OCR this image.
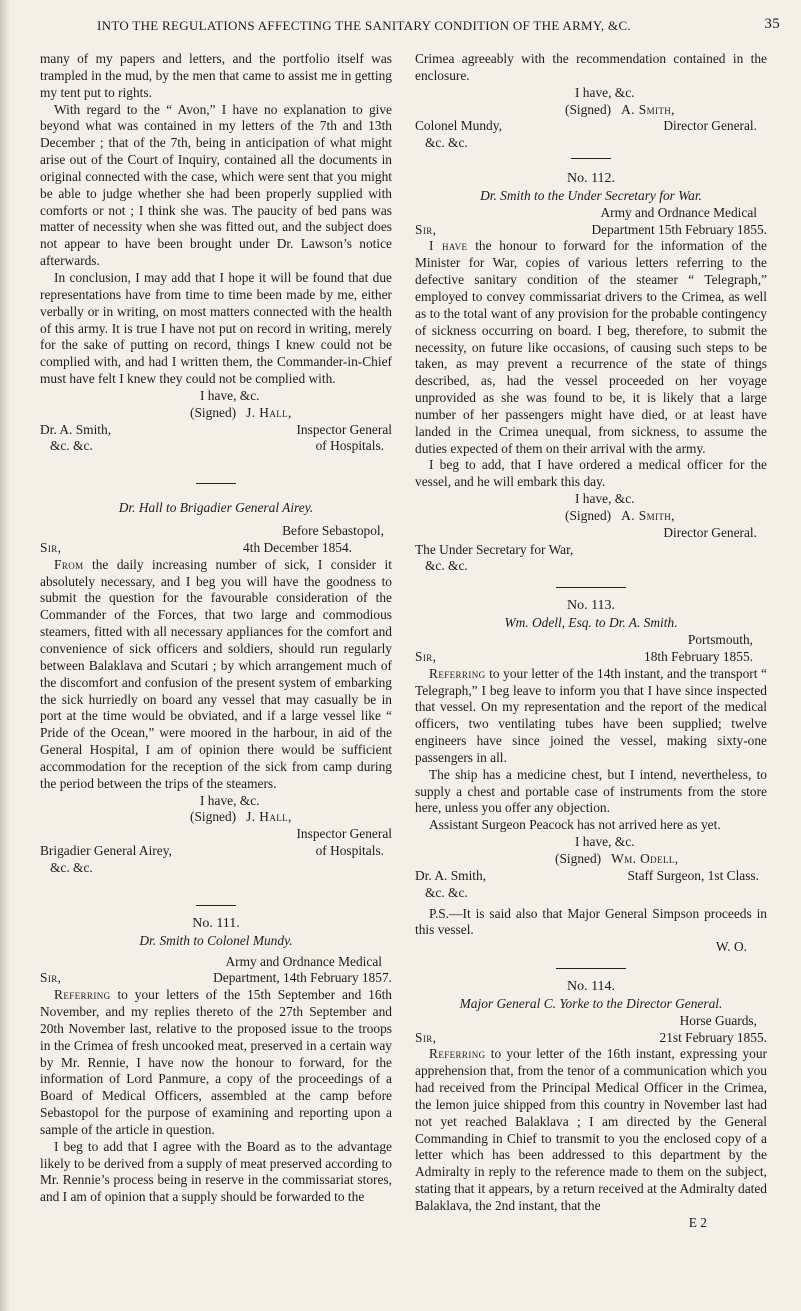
INTO THE REGULATIONS AFFECTING THE SANITARY CONDITION OF THE ARMY, &C.	35

many of my papers and letters, and the portfolio itself was trampled in the mud, by the men that came to assist me in getting my tent put to rights.

With regard to the “ Avon,” I have no explanation to give beyond what was contained in my letters of the 7th and 13th December ; that of the 7th, being in anticipation of what might arise out of the Court of Inquiry, contained all the documents in original connected with the case, which were sent that you might be able to judge whether she had been properly supplied with comforts or not ; I think she was. The paucity of bed pans was matter of necessity when she was fitted out, and the subject does not appear to have been brought under Dr. Lawson’s notice afterwards.

In conclusion, I may add that I hope it will be found that due representations have from time to time been made by me, either verbally or in writing, on most matters connected with the health of this army. It is true I have not put on record in writing, merely for the sake of putting on record, things I knew could not be complied with, and had I written them, the Commander-in-Chief must have felt I knew they could not be complied with.

I have, &c.

(Signed) J. Hall,

Dr. A. Smith,	Inspector General
&c. &c.	of Hospitals.

Dr. Hall to Brigadier General Airey.

Before Sebastopol,

Sir,	4th December 1854.

From the daily increasing number of sick, I consider it absolutely necessary, and I beg you will have the goodness to submit the question for the favourable consideration of the Commander of the Forces, that two large and commodious steamers, fitted with all necessary appliances for the comfort and convenience of sick officers and soldiers, should run regularly between Balaklava and Scutari ; by which arrangement much of the discomfort and confusion of the present system of embarking the sick hurriedly on board any vessel that may casually be in port at the time would be obviated, and if a large vessel like “ Pride of the Ocean,” were moored in the harbour, in aid of the General Hospital, I am of opinion there would be sufficient accommodation for the reception of the sick from camp during the period between the trips of the steamers.

I have, &c.

(Signed) J. Hall,

Inspector General

Brigadier General Airey,	of Hospitals.

&c. &c.

No. 111.

Dr. Smith to Colonel Mundy.

Army and Ordnance Medical

Sir,	Department, 14th February 1857.

Referring to your letters of the 15th September and 16th November, and my replies thereto of the 27th September and 20th November last, relative to the proposed issue to the troops in the Crimea of fresh uncooked meat, preserved in a certain way by Mr. Rennie, I have now the honour to forward, for the information of Lord Panmure, a copy of the proceedings of a Board of Medical Officers, assembled at the camp before Sebastopol for the purpose of examining and reporting upon a sample of the article in question.

I beg to add that I agree with the Board as to the advantage likely to be derived from a supply of meat preserved according to Mr. Rennie’s process being in reserve in the commissariat stores, and I am of opinion that a supply should be forwarded to the

Crimea agreeably with the recommendation contained in the enclosure.

I have, &c.

(Signed) A. Smith,

Colonel Mundy,	Director General.

&c. &c.

No. 112.

Dr. Smith to the Under Secretary for War.

Army and Ordnance Medical

Sir,	Department 15th February 1855.

I have the honour to forward for the information of the Minister for War, copies of various letters referring to the defective sanitary condition of the steamer “ Telegraph,” employed to convey commissariat drivers to the Crimea, as well as to the total want of any provision for the probable contingency of sickness occurring on board. I beg, therefore, to submit the necessity, on future like occasions, of causing such steps to be taken, as may prevent a recurrence of the state of things described, as, had the vessel proceeded on her voyage unprovided as she was found to be, it is likely that a large number of her passengers might have died, or at least have landed in the Crimea unequal, from sickness, to assume the duties expected of them on their arrival with the army.

I beg to add, that I have ordered a medical officer for the vessel, and he will embark this day.

I have, &c.

(Signed) A. Smith,

Director General.

The Under Secretary for War,

&c. &c.

No. 113.

Wm. Odell, Esq. to Dr. A. Smith.

Portsmouth,

Sir,	18th February 1855.

Referring to your letter of the 14th instant, and the transport “ Telegraph,” I beg leave to inform you that I have since inspected that vessel. On my representation and the report of the medical officers, two ventilating tubes have been supplied; twelve engineers have since joined the vessel, making sixty-one passengers in all.

The ship has a medicine chest, but I intend, nevertheless, to supply a chest and portable case of instruments from the store here, unless you offer any objection.

Assistant Surgeon Peacock has not arrived here as yet.

I have, &c.

(Signed) Wm. Odell,

Dr. A. Smith,	Staff Surgeon, 1st Class.

&c. &c.

P.S.—It is said also that Major General Simpson proceeds in this vessel.

W. O.

No. 114.

Major General C. Yorke to the Director General.

Horse Guards,

Sir,	21st February 1855.

Referring to your letter of the 16th instant, expressing your apprehension that, from the tenor of a communication which you had received from the Principal Medical Officer in the Crimea, the lemon juice shipped from this country in November last had not yet reached Balaklava ; I am directed by the General Commanding in Chief to transmit to you the enclosed copy of a letter which has been addressed to this department by the Admiralty in reply to the reference made to them on the subject, stating that it appears, by a return received at the Admiralty dated Balaklava, the 2nd instant, that the

E 2
